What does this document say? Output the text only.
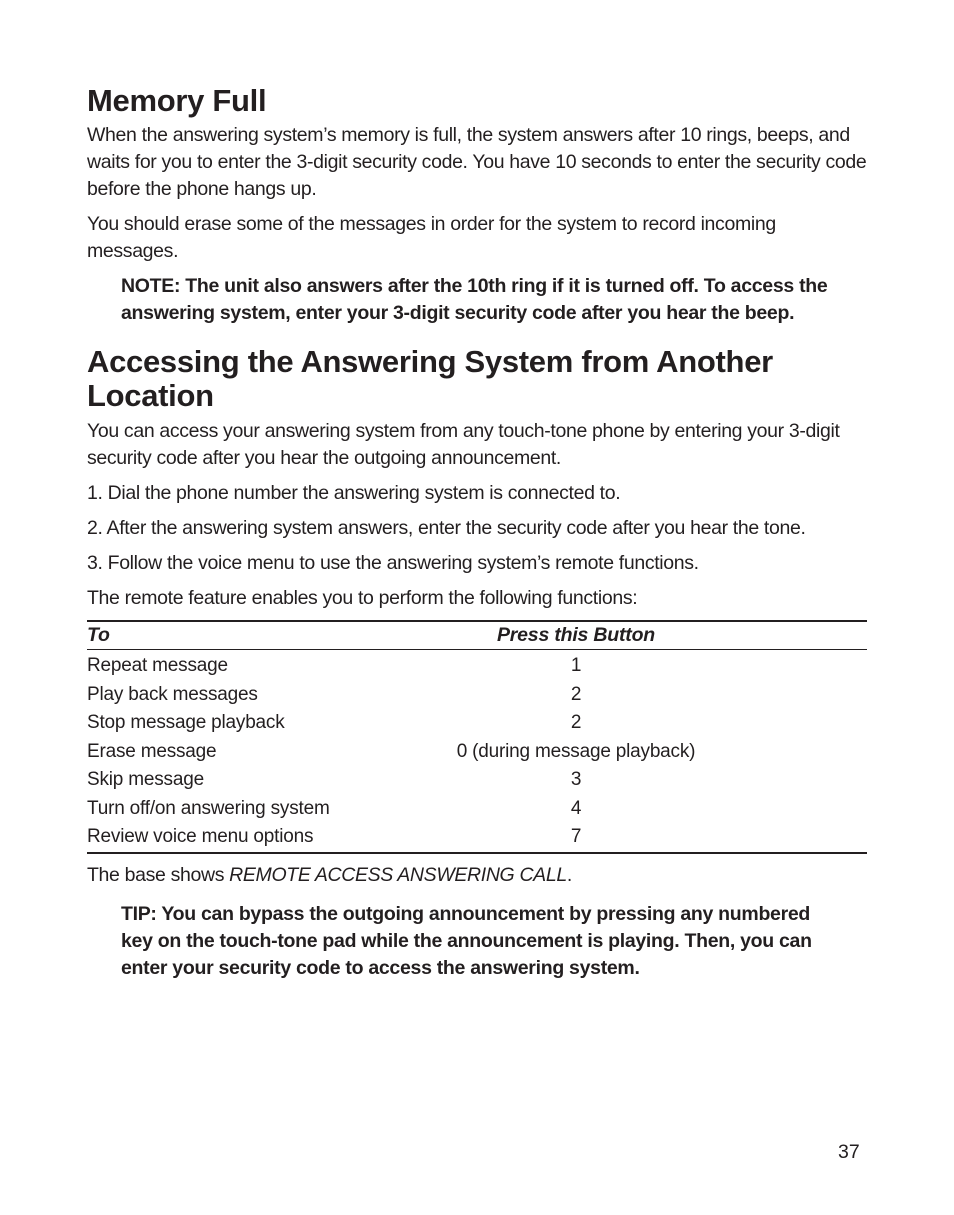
Memory Full

When the answering system’s memory is full, the system answers after 10 rings, beeps, and waits for you to enter the 3-digit security code. You have 10 seconds to enter the security code before the phone hangs up.

You should erase some of the messages in order for the system to record incoming messages.

NOTE: The unit also answers after the 10th ring if it is turned off. To access the answering system, enter your 3-digit security code after you hear the beep.
Accessing the Answering System from Another Location

You can access your answering system from any touch-tone phone by entering your 3-digit security code after you hear the outgoing announcement.

1. Dial the phone number the answering system is connected to.

2. After the answering system answers, enter the security code after you hear the tone.

3. Follow the voice menu to use the answering system’s remote functions.

The remote feature enables you to perform the following functions:

To	Press this Button	
Repeat message	1	
Play back messages	2	
Stop message playback	2	
Erase message	0 (during message playback)	
Skip message	3	
Turn off/on answering system	4	
Review voice menu options	7	

The base shows REMOTE ACCESS ANSWERING CALL.

TIP: You can bypass the outgoing announcement by pressing any numbered key on the touch-tone pad while the announcement is playing. Then, you can enter your security code to access the answering system.
37
